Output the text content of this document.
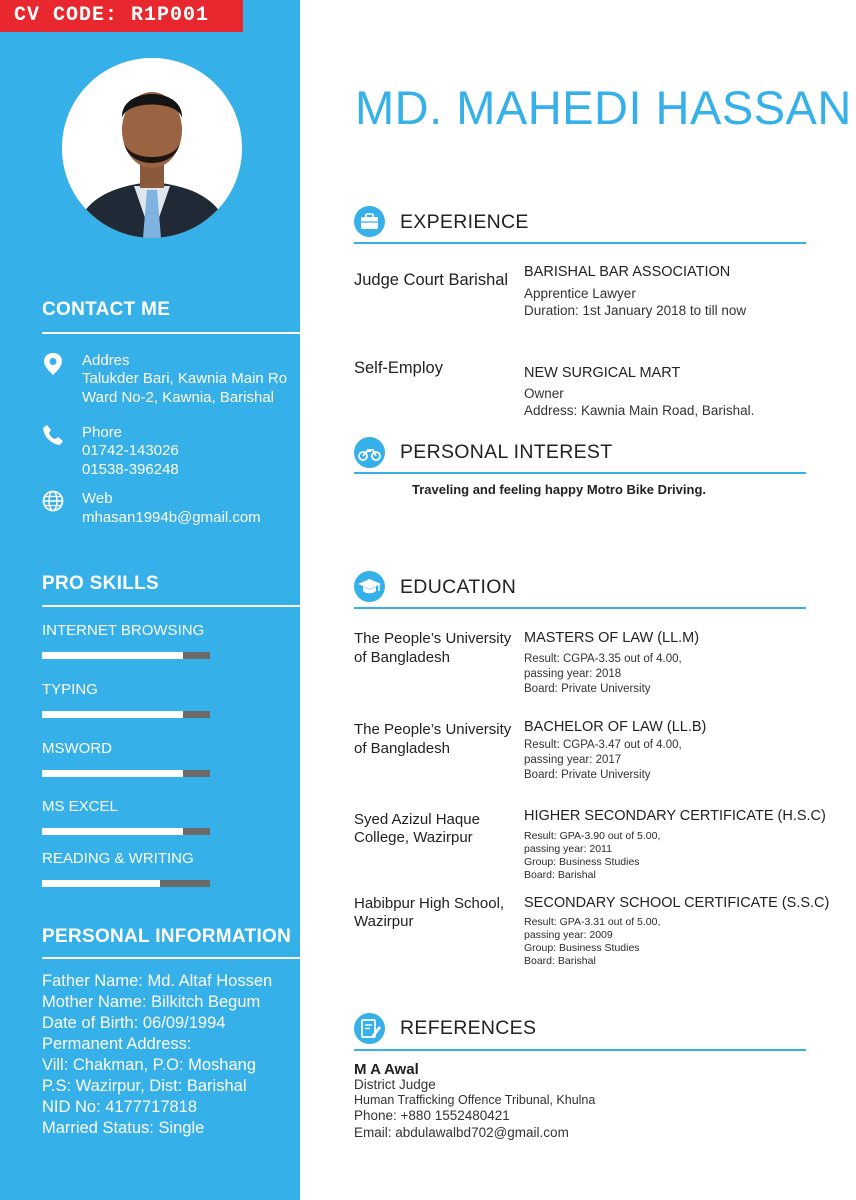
CV CODE: R1P001
CONTACT ME
Addres
Talukder Bari, Kawnia Main Ro
Ward No-2, Kawnia, Barishal
Phore
01742-143026
01538-396248
Web
mhasan1994b@gmail.com
PRO SKILLS
INTERNET BROWSING
TYPING
MSWORD
MS EXCEL
READING & WRITING
PERSONAL INFORMATION
Father Name: Md. Altaf Hossen
Mother Name: Bilkitch Begum
Date of Birth: 06/09/1994
Permanent Address:
Vill: Chakman, P.O: Moshang
P.S: Wazirpur, Dist: Barishal
NID No: 4177717818
Married Status: Single
MD. MAHEDI HASSAN
EXPERIENCE
Judge Court Barishal BARISHAL BAR ASSOCIATION
Apprentice Lawyer
Duration: 1st January 2018 to till now
Self-Employ	NEW SURGICAL MART
Owner
Address: Kawnia Main Road, Barishal.
PERSONAL INTEREST
Traveling and feeling happy Motro Bike Driving.
EDUCATION
The People’s University
of Bangladesh
MASTERS OF LAW (LL.M)
Result: CGPA-3.35 out of 4.00,
passing year: 2018
Board: Private University
The People’s University
of Bangladesh
BACHELOR OF LAW (LL.B)
Result: CGPA-3.47 out of 4.00,
passing year: 2017
Board: Private University
Syed Azizul Haque
College, Wazirpur
HIGHER SECONDARY CERTIFICATE (H.S.C)
Result: GPA-3.90 out of 5.00,
passing year: 2011
Group: Business Studies
Board: Barishal
Habibpur High School,
Wazirpur
SECONDARY SCHOOL CERTIFICATE (S.S.C)
Result: GPA-3.31 out of 5.00,
passing year: 2009
Group: Business Studies
Board: Barishal
REFERENCES
M A Awal
District Judge
Human Trafficking Offence Tribunal, Khulna
Phone: +880 1552480421
Email: abdulawalbd702@gmail.com
